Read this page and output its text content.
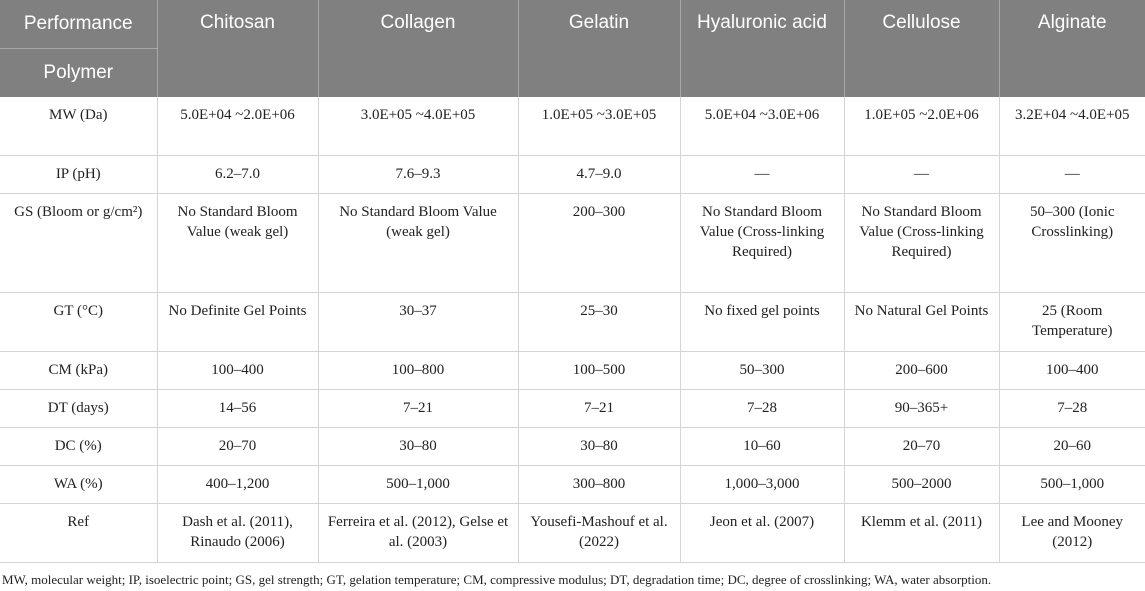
Performance
Polymer	Chitosan	Collagen	Gelatin	Hyaluronic acid	Cellulose	Alginate
MW (Da)	5.0E+04 ~2.0E+06	3.0E+05 ~4.0E+05	1.0E+05 ~3.0E+05	5.0E+04 ~3.0E+06	1.0E+05 ~2.0E+06	3.2E+04 ~4.0E+05
IP (pH)	6.2–7.0	7.6–9.3	4.7–9.0	—	—	—
GS (Bloom or g/cm²)	No Standard Bloom Value (weak gel)	No Standard Bloom Value (weak gel)	200–300	No Standard Bloom Value (Cross-linking Required)	No Standard Bloom Value (Cross-linking Required)	50–300 (Ionic Crosslinking)
GT (°C)	No Definite Gel Points	30–37	25–30	No fixed gel points	No Natural Gel Points	25 (Room Temperature)
CM (kPa)	100–400	100–800	100–500	50–300	200–600	100–400
DT (days)	14–56	7–21	7–21	7–28	90–365+	7–28
DC (%)	20–70	30–80	30–80	10–60	20–70	20–60
WA (%)	400–1,200	500–1,000	300–800	1,000–3,000	500–2000	500–1,000
Ref	Dash et al. (2011), Rinaudo (2006)	Ferreira et al. (2012), Gelse et al. (2003)	Yousefi-Mashouf et al. (2022)	Jeon et al. (2007)	Klemm et al. (2011)	Lee and Mooney (2012)
MW, molecular weight; IP, isoelectric point; GS, gel strength; GT, gelation temperature; CM, compressive modulus; DT, degradation time; DC, degree of crosslinking; WA, water absorption.
